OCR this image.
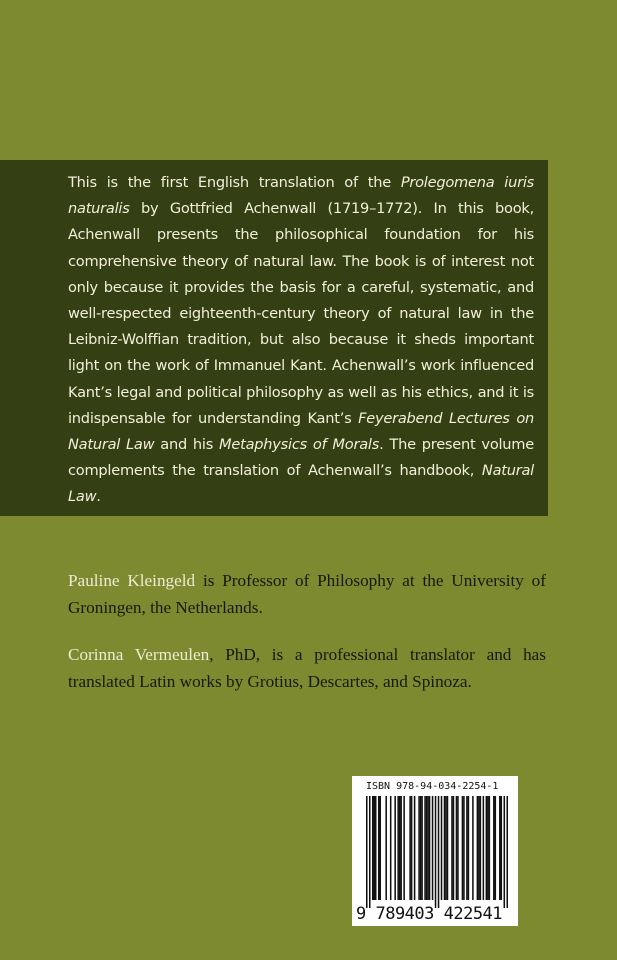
This is the first English translation of the Prolegomena iuris naturalis by Gottfried Achenwall (1719–1772). In this book, Achenwall presents the philosophical foundation for his comprehensive theory of natural law. The book is of interest not only because it provides the basis for a careful, systematic, and well-respected eighteenth-century theory of natural law in the Leibniz-Wolffian tradition, but also because it sheds important light on the work of Immanuel Kant. Achenwall’s work influenced Kant’s legal and political philosophy as well as his ethics, and it is indispensable for understanding Kant’s Feyerabend Lectures on Natural Law and his Metaphysics of Morals. The present volume complements the translation of Achenwall’s handbook, Natural Law.

Pauline Kleingeld is Professor of Philosophy at the University of Groningen, the Netherlands.

Corinna Vermeulen, PhD, is a professional translator and has translated Latin works by Grotius, Descartes, and Spinoza.

ISBN 978-94-034-2254-1
9 789403 422541
